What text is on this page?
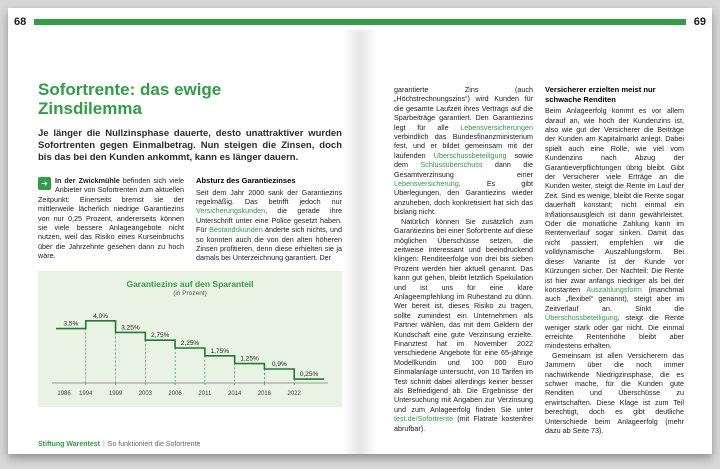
68	69
Sofortrente: das ewige
Zinsdilemma

Je länger die Nullzinsphase dauerte, desto unattraktiver wurden Sofortrenten gegen Einmalbetrag. Nun steigen die Zinsen, doch bis das bei den Kunden ankommt, kann es länger dauern.

➜ In der Zwickmühle befinden sich viele Anbieter von Sofortrenten zum aktuellen Zeitpunkt: Einerseits bremst sie der mittlerweile lächerlich niedrige Garantiezins von nur 0,25 Prozent, andererseits können sie viele bessere Anlageangebote nicht nutzen, weil das Risiko eines Kurseinbruchs über die Jahrzehnte gesehen dann zu hoch wäre.
Absturz des Garantiezinses

Seit dem Jahr 2000 sank der Garantiezins regelmäßig. Das betrifft jedoch nur Versicherungskunden, die gerade ihre Unterschrift unter eine Police gesetzt haben. Für Bestandskunden änderte sich nichts, und so konnten auch die von den alten höheren Zinsen profitieren, denn diese erhielten sie ja damals bei Unterzeichnung garantiert. Der

Garantiezins auf den Sparanteil
(in Prozent)
3,5%
4,0%
3,25%
2,75%
2,25%
1,75%
1,25%
0,9%
0,25%
1986 1994	1999	2003	2006	2011	2014	2016	2022
Stiftung Warentest | So funktioniert die Sofortrente

garantierte Zins (auch „Höchstrechnungszins“) wird Kunden für die gesamte Laufzeit ihres Vertrags auf die Sparbeiträge garantiert. Den Garantiezins legt für alle Lebensversicherungen verbindlich das Bundesfinanzministerium fest, und er bildet gemeinsam mit der laufenden Überschussbeteiligung sowie dem Schlussüberschuss dann die Gesamtverzinsung einer Lebensversicherung. Es gibt Überlegungen, den Garantiezins wieder anzuheben, doch konkretisiert hat sich das bislang nicht.

Natürlich können Sie zusätzlich zum Garantiezins bei einer Sofortrente auf diese möglichen Überschüsse setzen, die zeitweise interessant und beeindruckend klingen: Renditeerfolge von drei bis sieben Prozent werden hier aktuell genannt. Das kann gut gehen, bleibt letztlich Spekulation und ist uns für eine klare Anlageempfehlung im Ruhestand zu dünn. Wer bereit ist, dieses Risiko zu tragen, sollte zumindest ein Unternehmen als Partner wählen, das mit dem Geldern der Kundschaft eine gute Verzinsung erzielte. Finanztest hat im November 2022 verschiedene Angebote für eine 65-jährige Modellkundin und 100 000 Euro Einmalanlage untersucht, von 10 Tarifen im Test schnitt dabei allerdings keiner besser als Befriedigend ab. Die Ergebnisse der Untersuchung mit Angaben zur Verzinsung und zum Anlageerfolg finden Sie unter test.de/Sofortrente (mit Flatrate kostenfrei abrufbar).

Versicherer erzielten meist nur schwache Renditen

Beim Anlageerfolg kommt es vor allem darauf an, wie hoch der Kundenzins ist, also wie gut der Versicherer die Beiträge der Kunden am Kapitalmarkt anlegt. Dabei spielt auch eine Rolle, wie viel vom Kundenzins nach Abzug der Garantieverpflichtungen übrig bleibt. Gibt der Versicherer viele Erträge an die Kunden weiter, steigt die Rente im Lauf der Zeit. Sind es wenige, bleibt die Rente sogar dauerhaft konstant; nicht einmal ein Inflationsausgleich ist dann gewährleistet. Oder die monatliche Zahlung kann im Rentenverlauf sogar sinken. Damit das nicht passiert, empfehlen wir die volldynamische Auszahlungsform. Bei dieser Variante ist der Kunde vor Kürzungen sicher. Der Nachteil: Die Rente ist hier zwar anfangs niedriger als bei der konstanten Auszahlungsform (manchmal auch „flexibel“ genannt), steigt aber im Zeitverlauf an. Sinkt die Überschussbeteiligung, steigt die Rente weniger stark oder gar nicht. Die einmal erreichte Rentenhöhe bleibt aber mindestens erhalten.

Gemeinsam ist allen Versicherern das Jammern über die noch immer nachwirkende Niedrigzinsphase, die es schwer mache, für die Kunden gute Renditen und Überschüsse zu erwirtschaften. Diese Klage ist zum Teil berechtigt, doch es gibt deutliche Unterschiede beim Anlageerfolg (mehr dazu ab Seite 73).
